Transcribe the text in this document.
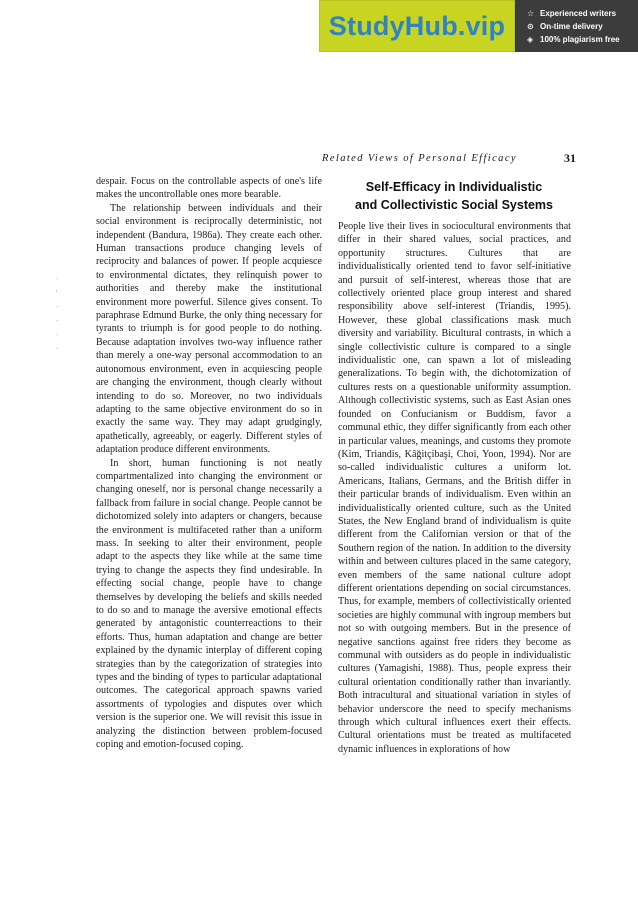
StudyHub.vip	☆ Experienced writers
⊙ On-time delivery
◈ 100% plagiarism free
Related Views of Personal Efficacy	31
·
'
·
·
·
·

despair. Focus on the controllable aspects of one's life makes the uncontrollable ones more bearable.

The relationship between individuals and their social environment is reciprocally deterministic, not independent (Bandura, 1986a). They create each other. Human transactions produce changing levels of reciprocity and balances of power. If people acquiesce to environmental dictates, they relinquish power to authorities and thereby make the institutional environment more powerful. Silence gives consent. To paraphrase Edmund Burke, the only thing necessary for tyrants to triumph is for good people to do nothing. Because adaptation involves two-way influence rather than merely a one-way personal accommodation to an autonomous environment, even in acquiescing people are changing the environment, though clearly without intending to do so. Moreover, no two individuals adapting to the same objective environment do so in exactly the same way. They may adapt grudgingly, apathetically, agreeably, or eagerly. Different styles of adaptation produce different environments.

In short, human functioning is not neatly compartmentalized into changing the environment or changing oneself, nor is personal change necessarily a fallback from failure in social change. People cannot be dichotomized solely into adapters or changers, because the environment is multifaceted rather than a uniform mass. In seeking to alter their environment, people adapt to the aspects they like while at the same time trying to change the aspects they find undesirable. In effecting social change, people have to change themselves by developing the beliefs and skills needed to do so and to manage the aversive emotional effects generated by antagonistic counterreactions to their efforts. Thus, human adaptation and change are better explained by the dynamic interplay of different coping strategies than by the categorization of strategies into types and the binding of types to particular adaptational outcomes. The categorical approach spawns varied assortments of typologies and disputes over which version is the superior one. We will revisit this issue in analyzing the distinction between problem-focused coping and emotion-focused coping.

Self-Efficacy in Individualistic
and Collectivistic Social Systems

People live their lives in sociocultural environments that differ in their shared values, social practices, and opportunity structures. Cultures that are individualistically oriented tend to favor self-initiative and pursuit of self-interest, whereas those that are collectively oriented place group interest and shared responsibility above self-interest (Triandis, 1995). However, these global classifications mask much diversity and variability. Bicultural contrasts, in which a single collectivistic culture is compared to a single individualistic one, can spawn a lot of misleading generalizations. To begin with, the dichotomization of cultures rests on a questionable uniformity assumption. Although collectivistic systems, such as East Asian ones founded on Confucianism or Buddism, favor a communal ethic, they differ significantly from each other in particular values, meanings, and customs they promote (Kim, Triandis, Kâğitçibaşi, Choi, Yoon, 1994). Nor are so-called individualistic cultures a uniform lot. Americans, Italians, Germans, and the British differ in their particular brands of individualism. Even within an individualistically oriented culture, such as the United States, the New England brand of individualism is quite different from the Californian version or that of the Southern region of the nation. In addition to the diversity within and between cultures placed in the same category, even members of the same national culture adopt different orientations depending on social circumstances. Thus, for example, members of collectivistically oriented societies are highly communal with ingroup members but not so with outgoing members. But in the presence of negative sanctions against free riders they become as communal with outsiders as do people in individualistic cultures (Yamagishi, 1988). Thus, people express their cultural orientation conditionally rather than invariantly. Both intracultural and situational variation in styles of behavior underscore the need to specify mechanisms through which cultural influences exert their effects. Cultural orientations must be treated as multifaceted dynamic influences in explorations of how
